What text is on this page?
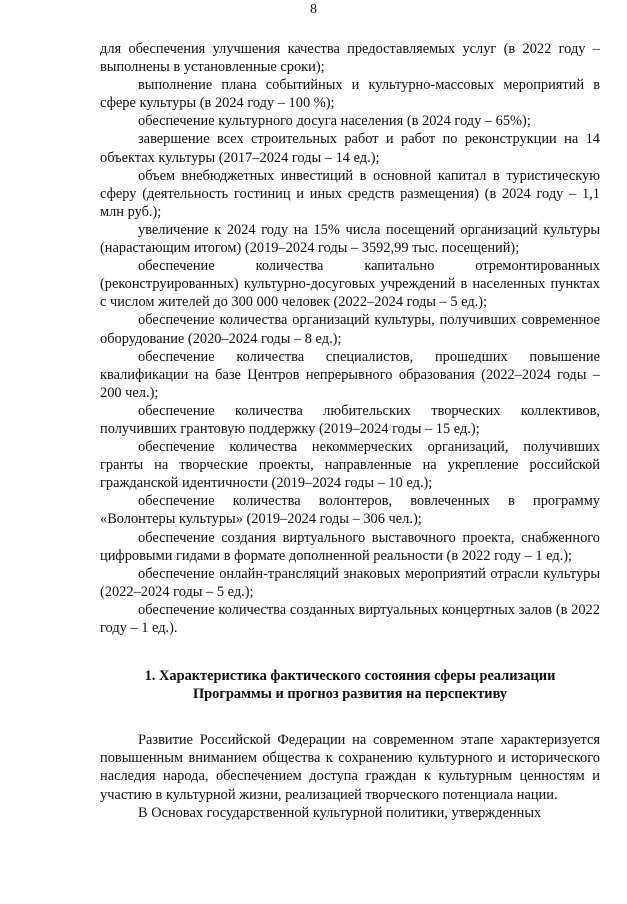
8

для обеспечения улучшения качества предоставляемых услуг (в 2022 году – выполнены в установленные сроки);

выполнение плана событийных и культурно-массовых мероприятий в сфере культуры (в 2024 году – 100 %);

обеспечение культурного досуга населения (в 2024 году – 65%);

завершение всех строительных работ и работ по реконструкции на 14 объектах культуры (2017–2024 годы – 14 ед.);

объем внебюджетных инвестиций в основной капитал в туристическую сферу (деятельность гостиниц и иных средств размещения) (в 2024 году – 1,1 млн руб.);

увеличение к 2024 году на 15% числа посещений организаций культуры (нарастающим итогом) (2019–2024 годы – 3592,99 тыс. посещений);

обеспечение количества капитально отремонтированных (реконструированных) культурно-досуговых учреждений в населенных пунктах с числом жителей до 300 000 человек (2022–2024 годы – 5 ед.);

обеспечение количества организаций культуры, получивших современное оборудование (2020–2024 годы – 8 ед.);

обеспечение количества специалистов, прошедших повышение квалификации на базе Центров непрерывного образования (2022–2024 годы – 200 чел.);

обеспечение количества любительских творческих коллективов, получивших грантовую поддержку (2019–2024 годы – 15 ед.);

обеспечение количества некоммерческих организаций, получивших гранты на творческие проекты, направленные на укрепление российской гражданской идентичности (2019–2024 годы – 10 ед.);

обеспечение количества волонтеров, вовлеченных в программу «Волонтеры культуры» (2019–2024 годы – 306 чел.);

обеспечение создания виртуального выставочного проекта, снабженного цифровыми гидами в формате дополненной реальности (в 2022 году – 1 ед.);

обеспечение онлайн-трансляций знаковых мероприятий отрасли культуры (2022–2024 годы – 5 ед.);

обеспечение количества созданных виртуальных концертных залов (в 2022 году – 1 ед.).

1. Характеристика фактического состояния сферы реализации
Программы и прогноз развития на перспективу

Развитие Российской Федерации на современном этапе характеризуется повышенным вниманием общества к сохранению культурного и исторического наследия народа, обеспечением доступа граждан к культурным ценностям и участию в культурной жизни, реализацией творческого потенциала нации.

В Основах государственной культурной политики, утвержденных
